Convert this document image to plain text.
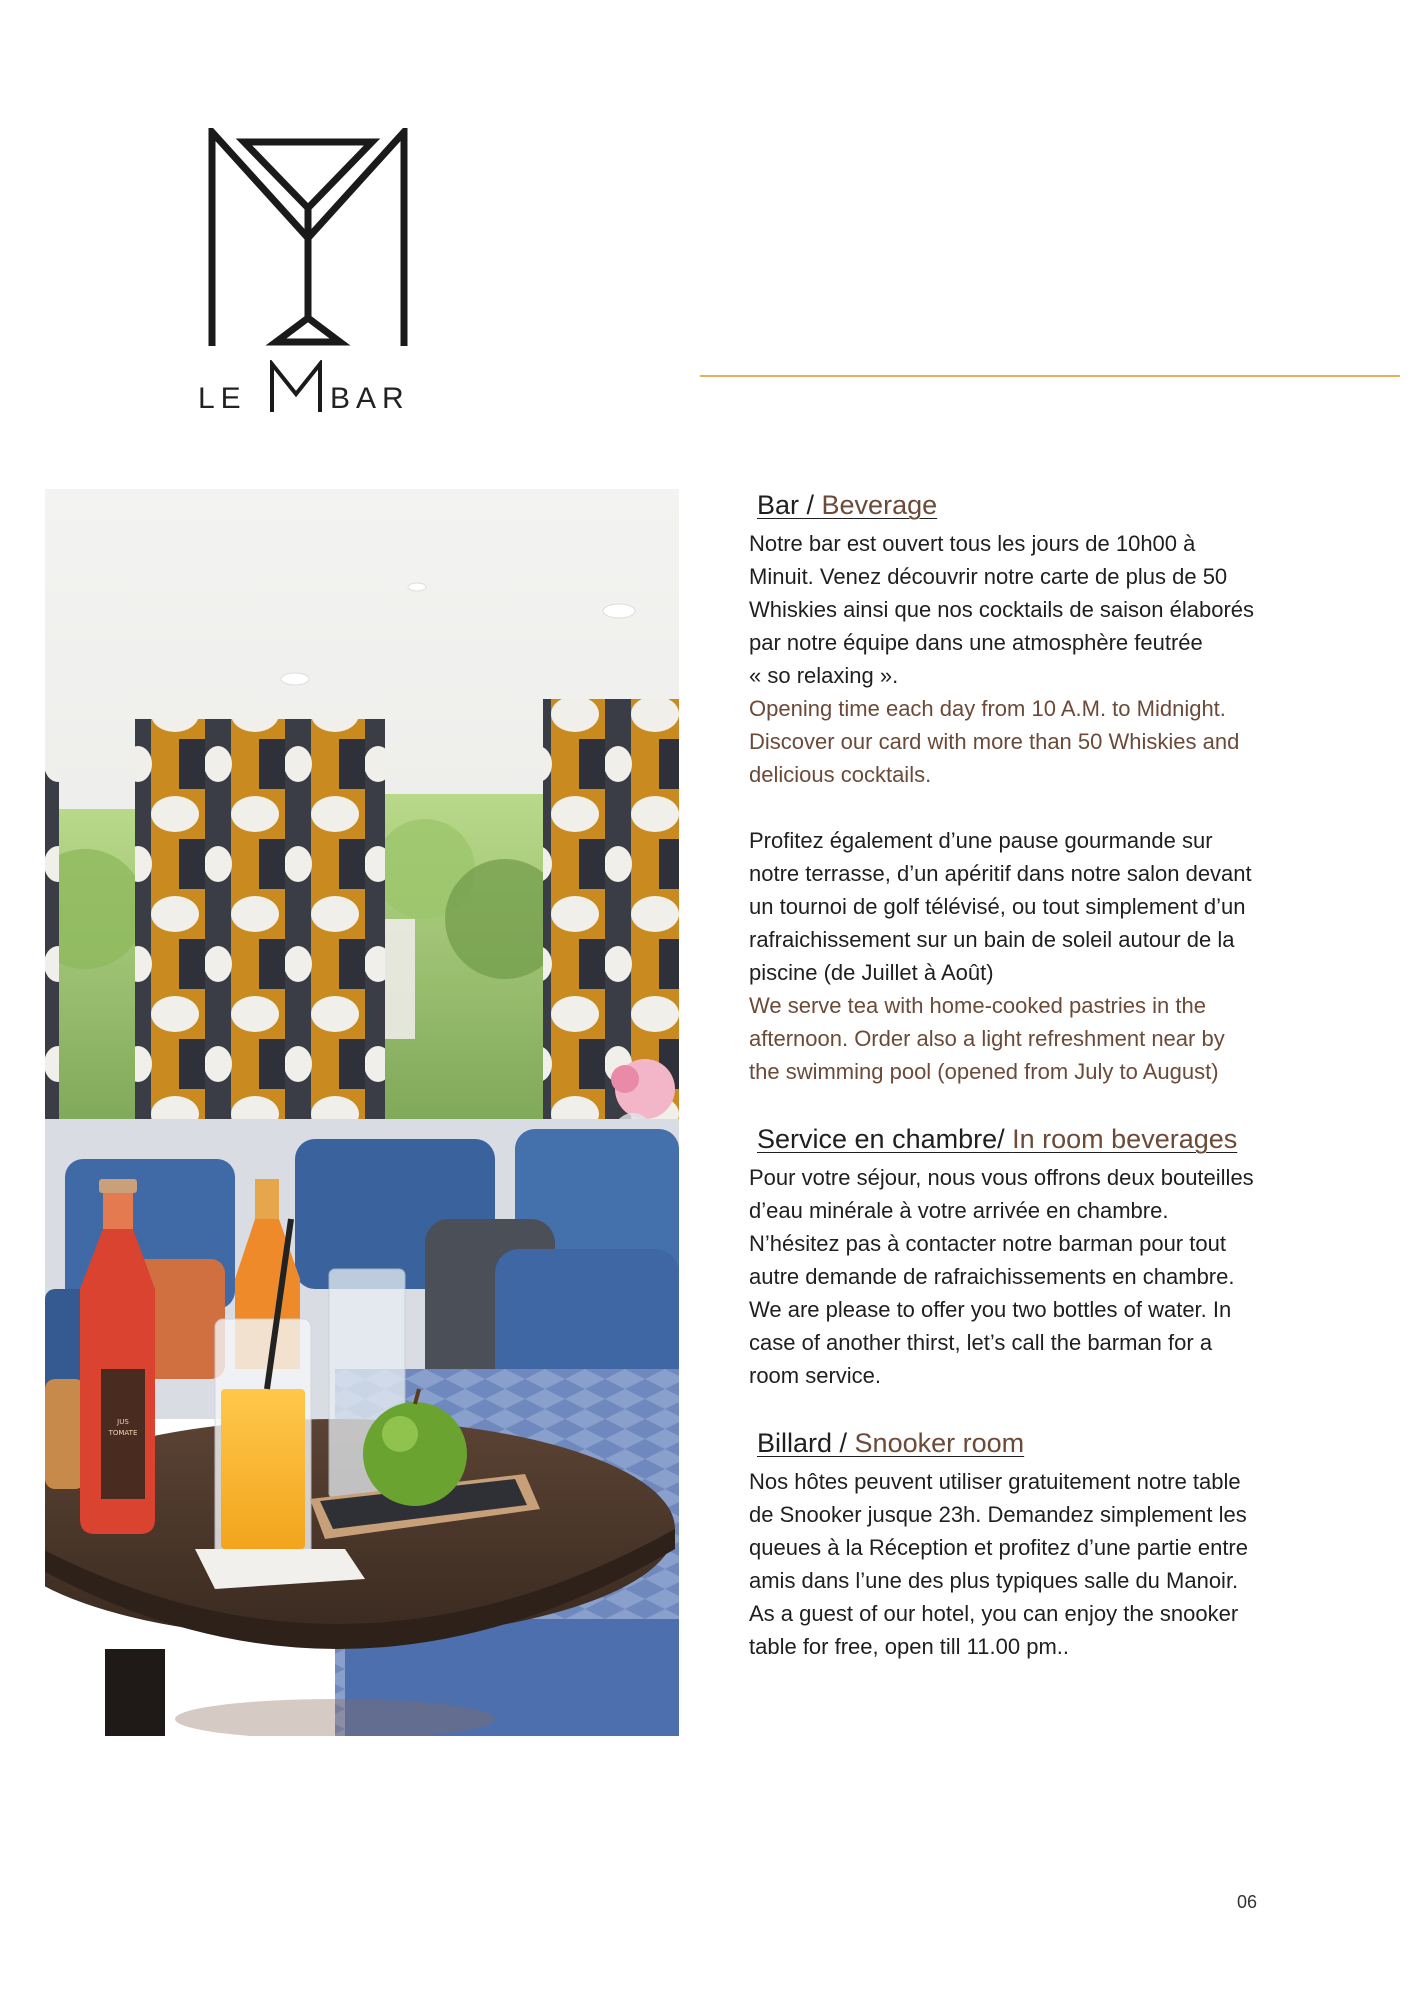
LE	BAR
JUS
TOMATE
Bar / Beverage

Notre bar est ouvert tous les jours de 10h00 à

Minuit. Venez découvrir notre carte de plus de 50

Whiskies ainsi que nos cocktails de saison élaborés

par notre équipe dans une atmosphère feutrée

« so relaxing ».

Opening time each day from 10 A.M. to Midnight.

Discover our card with more than 50 Whiskies and

delicious cocktails.

Profitez également d’une pause gourmande sur

notre terrasse, d’un apéritif dans notre salon devant

un tournoi de golf télévisé, ou tout simplement d’un

rafraichissement sur un bain de soleil autour de la

piscine (de Juillet à Août)

We serve tea with home-cooked pastries in the

afternoon. Order also a light refreshment near by

the swimming pool (opened from July to August)

Service en chambre/ In room beverages

Pour votre séjour, nous vous offrons deux bouteilles

d’eau minérale à votre arrivée en chambre.

N’hésitez pas à contacter notre barman pour tout

autre demande de rafraichissements en chambre.

We are please to offer you two bottles of water. In

case of another thirst, let’s call the barman for a

room service.

Billard / Snooker room

Nos hôtes peuvent utiliser gratuitement notre table

de Snooker jusque 23h. Demandez simplement les

queues à la Réception et profitez d’une partie entre

amis dans l’une des plus typiques salle du Manoir.

As a guest of our hotel, you can enjoy the snooker

table for free, open till 11.00 pm..

06
